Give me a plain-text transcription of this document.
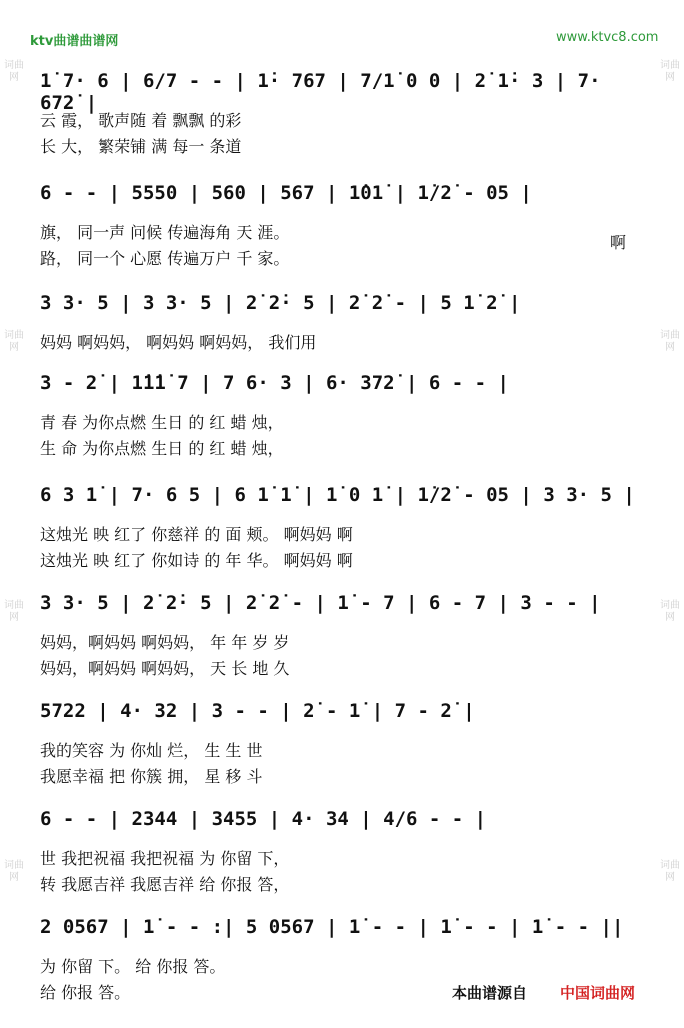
ktv曲谱曲谱网	www.ktvc8.com
词曲网
词曲网
词曲网
词曲网
词曲网
词曲网
词曲网
词曲网
1̇ 7· 6 | 6/7 - - | 1̇· 767 | 7/1̇ 0 0 | 2̇ 1̇· 3 | 7· 672̇ |
云 霞， 歌声随 着 飘飘 的彩
长 大， 繁荣铺 满 每一 条道
6 - - | 5550 | 560 | 567 | 1̇01̇ | 1̇/2̇ - 05 |
旗， 同一声 问候 传遍海角 天 涯。
路， 同一个 心愿 传遍万户 千 家。
啊
3 3· 5 | 3 3· 5 | 2̇ 2̇· 5 | 2̇ 2̇ - | 5 1̇ 2̇ |
妈妈 啊妈妈， 啊妈妈 啊妈妈， 我们用
3 - 2̇ | 1̇1̇1̇ 7 | 7 6· 3 | 6· 372̇ | 6 - - |
青 春 为你点燃 生日 的 红 蜡 烛，
生 命 为你点燃 生日 的 红 蜡 烛，
6 3 1̇ | 7· 6 5 | 6 1̇ 1̇ | 1̇ 0 1̇ | 1̇/2̇ - 05 | 3 3· 5 |
这烛光 映 红了 你慈祥 的 面 颊。 啊妈妈 啊
这烛光 映 红了 你如诗 的 年 华。 啊妈妈 啊
3 3· 5 | 2̇ 2̇· 5 | 2̇ 2̇ - | 1̇ - 7 | 6 - 7 | 3 - - |
妈妈，啊妈妈 啊妈妈， 年 年 岁 岁
妈妈，啊妈妈 啊妈妈， 天 长 地 久
5722 | 4· 32 | 3 - - | 2̇ - 1̇ | 7 - 2̇ |
我的笑容 为 你灿 烂， 生 生 世
我愿幸福 把 你簇 拥， 星 移 斗
6 - - | 2344 | 3455 | 4· 34 | 4/6 - - |
世 我把祝福 我把祝福 为 你留 下，
转 我愿吉祥 我愿吉祥 给 你报 答，
2 0567 | 1̇ - - :| 5 0567 | 1̇ - - | 1̇ - - | 1̇ - - ||
为 你留 下。 给 你报 答。
给 你报 答。	本曲谱源自 中国词曲网
